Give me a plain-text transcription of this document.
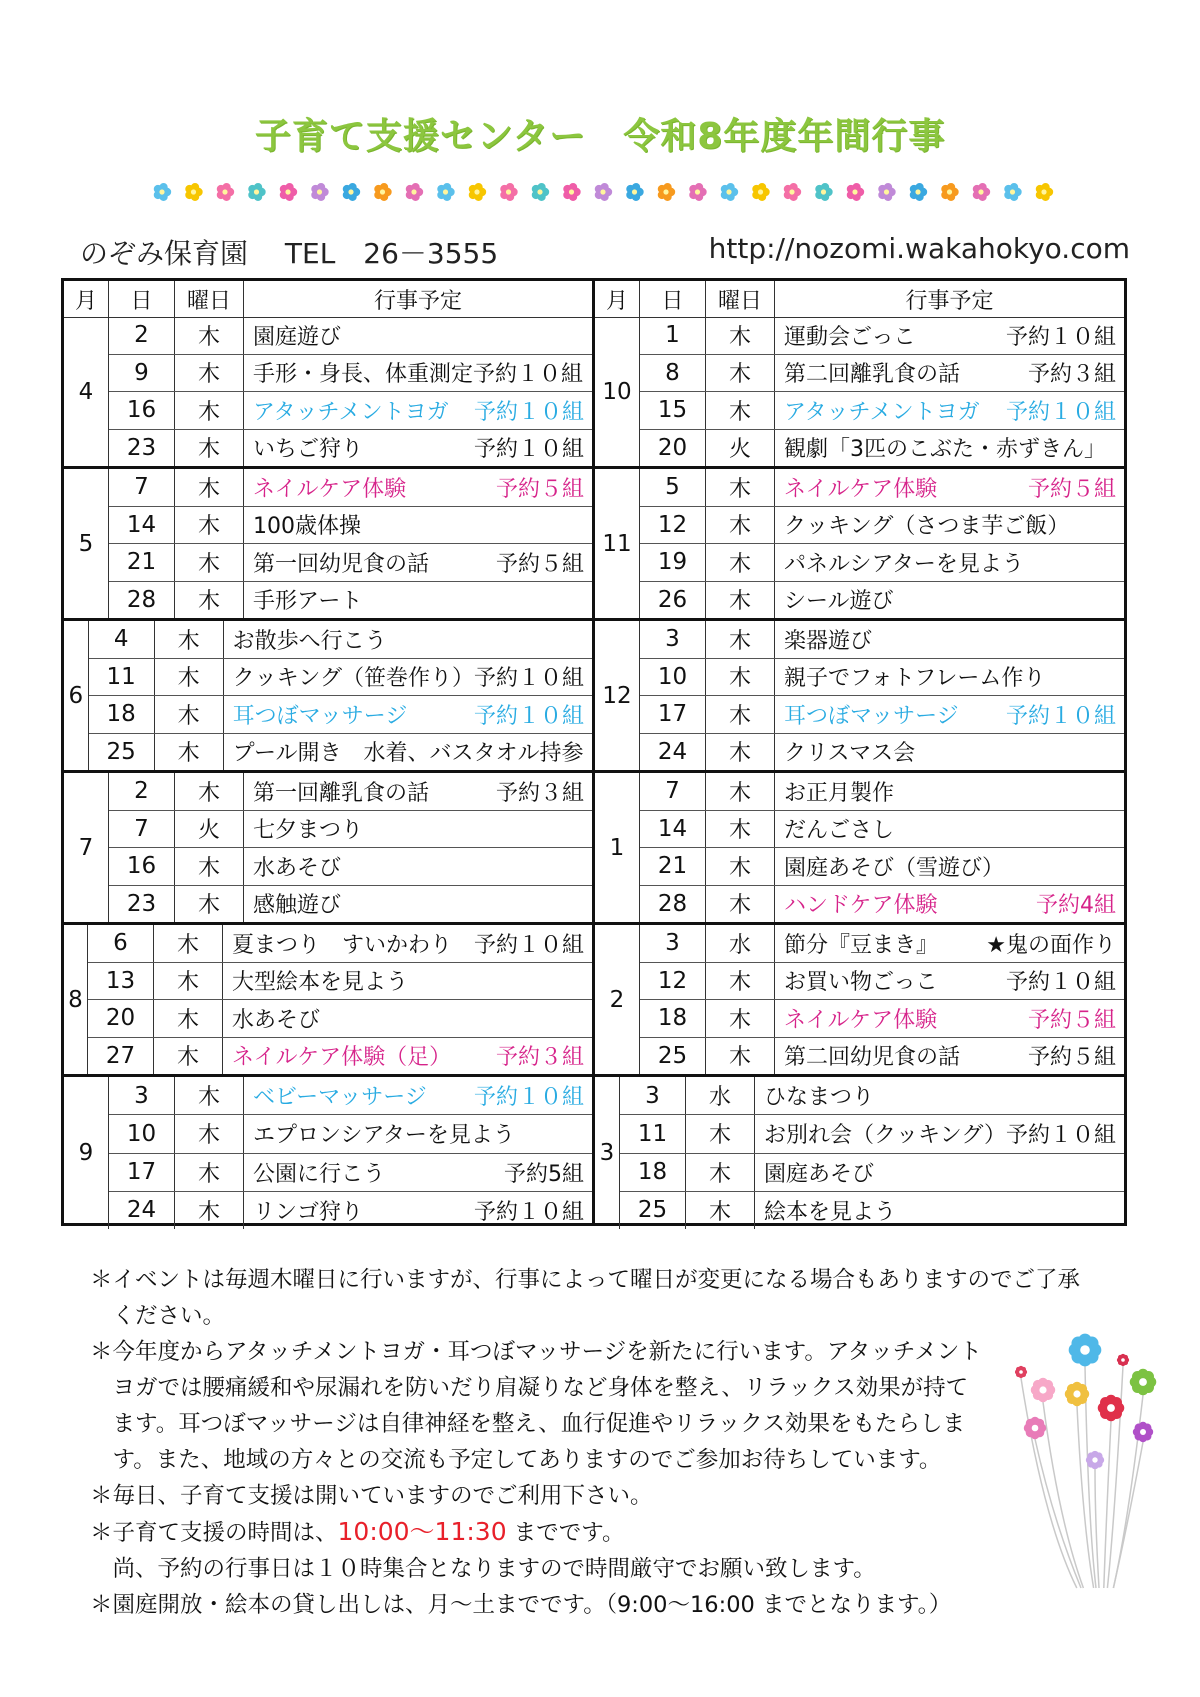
子育て支援センター　令和8年度年間行事
のぞみ保育園　 TEL　26－3555	http://nozomi.wakahokyo.com
月	日	曜日	行事予定
4
2	木	園庭遊び
9	木	手形・身長、体重測定予約１０組
16	木	アタッチメントヨガ 予約１０組
23	木	いちご狩り	予約１０組
5
7	木	ネイルケア体験	予約５組
14	木	100歳体操
21	木	第一回幼児食の話	予約５組
28	木	手形アート
6
4	木	お散歩へ行こう
11	木	クッキング（笹巻作り）予約１０組
18	木	耳つぼマッサージ	予約１０組
25	木	プール開き　水着、バスタオル持参
7
2	木	第一回離乳食の話	予約３組
7	火	七夕まつり
16	木	水あそび
23	木	感触遊び
8
6	木	夏まつり　すいかわり　予約１０組
13	木	大型絵本を見よう
20	木	水あそび
27	木	ネイルケア体験（足） 予約３組
9
3	木	ベビーマッサージ 予約１０組
10	木	エプロンシアターを見よう
17	木	公園に行こう	予約5組
24	木	リンゴ狩り	予約１０組
月	日	曜日	行事予定
10
1	木	運動会ごっこ	予約１０組
8	木	第二回離乳食の話	予約３組
15	木	アタッチメントヨガ 予約１０組
20	火	観劇「3匹のこぶた・赤ずきん」
11
5	木	ネイルケア体験	予約５組
12	木	クッキング（さつま芋ご飯）
19	木	パネルシアターを見よう
26	木	シール遊び
12
3	木	楽器遊び
10	木	親子でフォトフレーム作り
17	木	耳つぼマッサージ 予約１０組
24	木	クリスマス会
1
7	木	お正月製作
14	木	だんごさし
21	木	園庭あそび（雪遊び）
28	木	ハンドケア体験	予約4組
2
3	水	節分『豆まき』 ★鬼の面作り
12	木	お買い物ごっこ	予約１０組
18	木	ネイルケア体験	予約５組
25	木	第二回幼児食の話	予約５組
3
3	水	ひなまつり
11	木	お別れ会（クッキング）予約１０組
18	木	園庭あそび
25	木	絵本を見よう
＊イベントは毎週木曜日に行いますが、行事によって曜日が変更になる場合もありますのでご了承
　ください。
＊今年度からアタッチメントヨガ・耳つぼマッサージを新たに行います。アタッチメント
　ヨガでは腰痛緩和や尿漏れを防いだり肩凝りなど身体を整え、リラックス効果が持て
　ます。耳つぼマッサージは自律神経を整え、血行促進やリラックス効果をもたらしま
　す。また、地域の方々との交流も予定してありますのでご参加お待ちしています。
＊毎日、子育て支援は開いていますのでご利用下さい。
＊子育て支援の時間は、10:00～11:30 までです。
　尚、予約の行事日は１０時集合となりますので時間厳守でお願い致します。
＊園庭開放・絵本の貸し出しは、月～土までです。（9:00～16:00 までとなります。）
